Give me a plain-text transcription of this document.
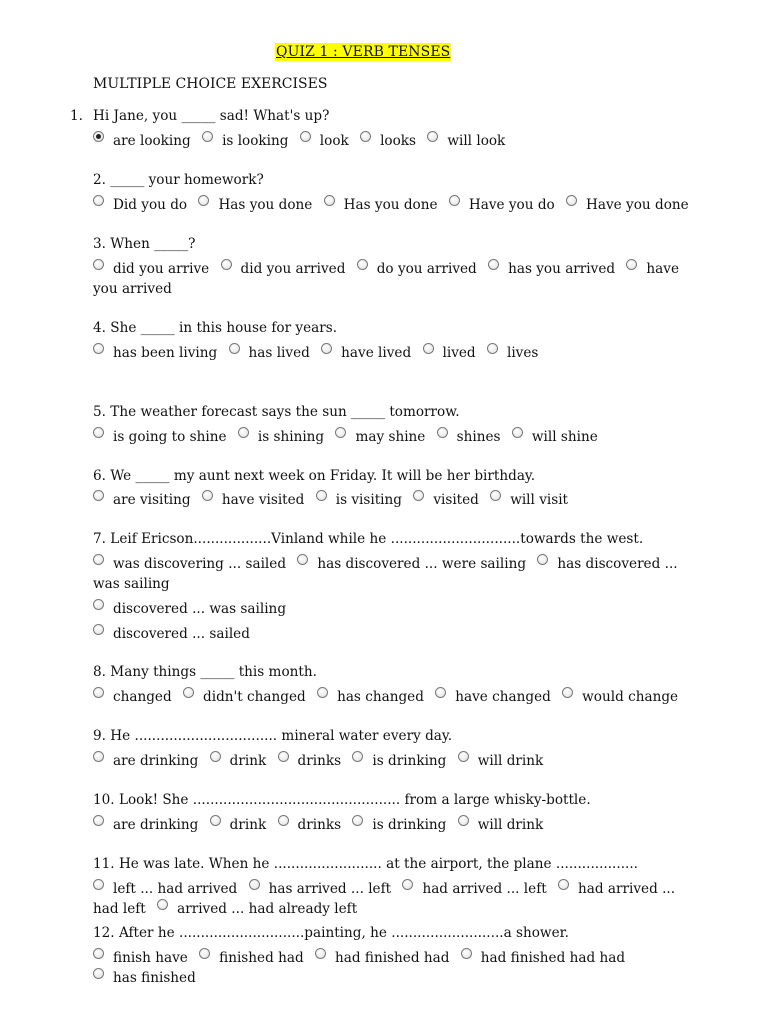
QUIZ 1 : VERB TENSES
MULTIPLE CHOICE EXERCISES
1. Hi Jane, you _____ sad! What's up?
are looking is looking look looks will look
2. _____ your homework?
Did you do Has you done Has you done Have you do Have you done
3. When _____?
did you arrive did you arrived do you arrived has you arrived have you arrived
4. She _____ in this house for years.
has been living has lived have lived lived lives
5. The weather forecast says the sun _____ tomorrow.
is going to shine is shining may shine shines will shine
6. We _____ my aunt next week on Friday. It will be her birthday.
are visiting have visited is visiting visited will visit
7. Leif Ericson..................Vinland while he ..............................towards the west.
was discovering ... sailed has discovered ... were sailing has discovered ... was sailing
discovered ... was sailing
discovered ... sailed
8. Many things _____ this month.
changed didn't changed has changed have changed would change
9. He ................................. mineral water every day.
are drinking drink drinks is drinking will drink
10. Look! She ................................................ from a large whisky-bottle.
are drinking drink drinks is drinking will drink
11. He was late. When he ......................... at the airport, the plane ...................
left ... had arrived has arrived ... left had arrived ... left had arrived ... had left arrived ... had already left
12. After he .............................painting, he ..........................a shower.
finish have finished had had finished had had finished had had has finished
